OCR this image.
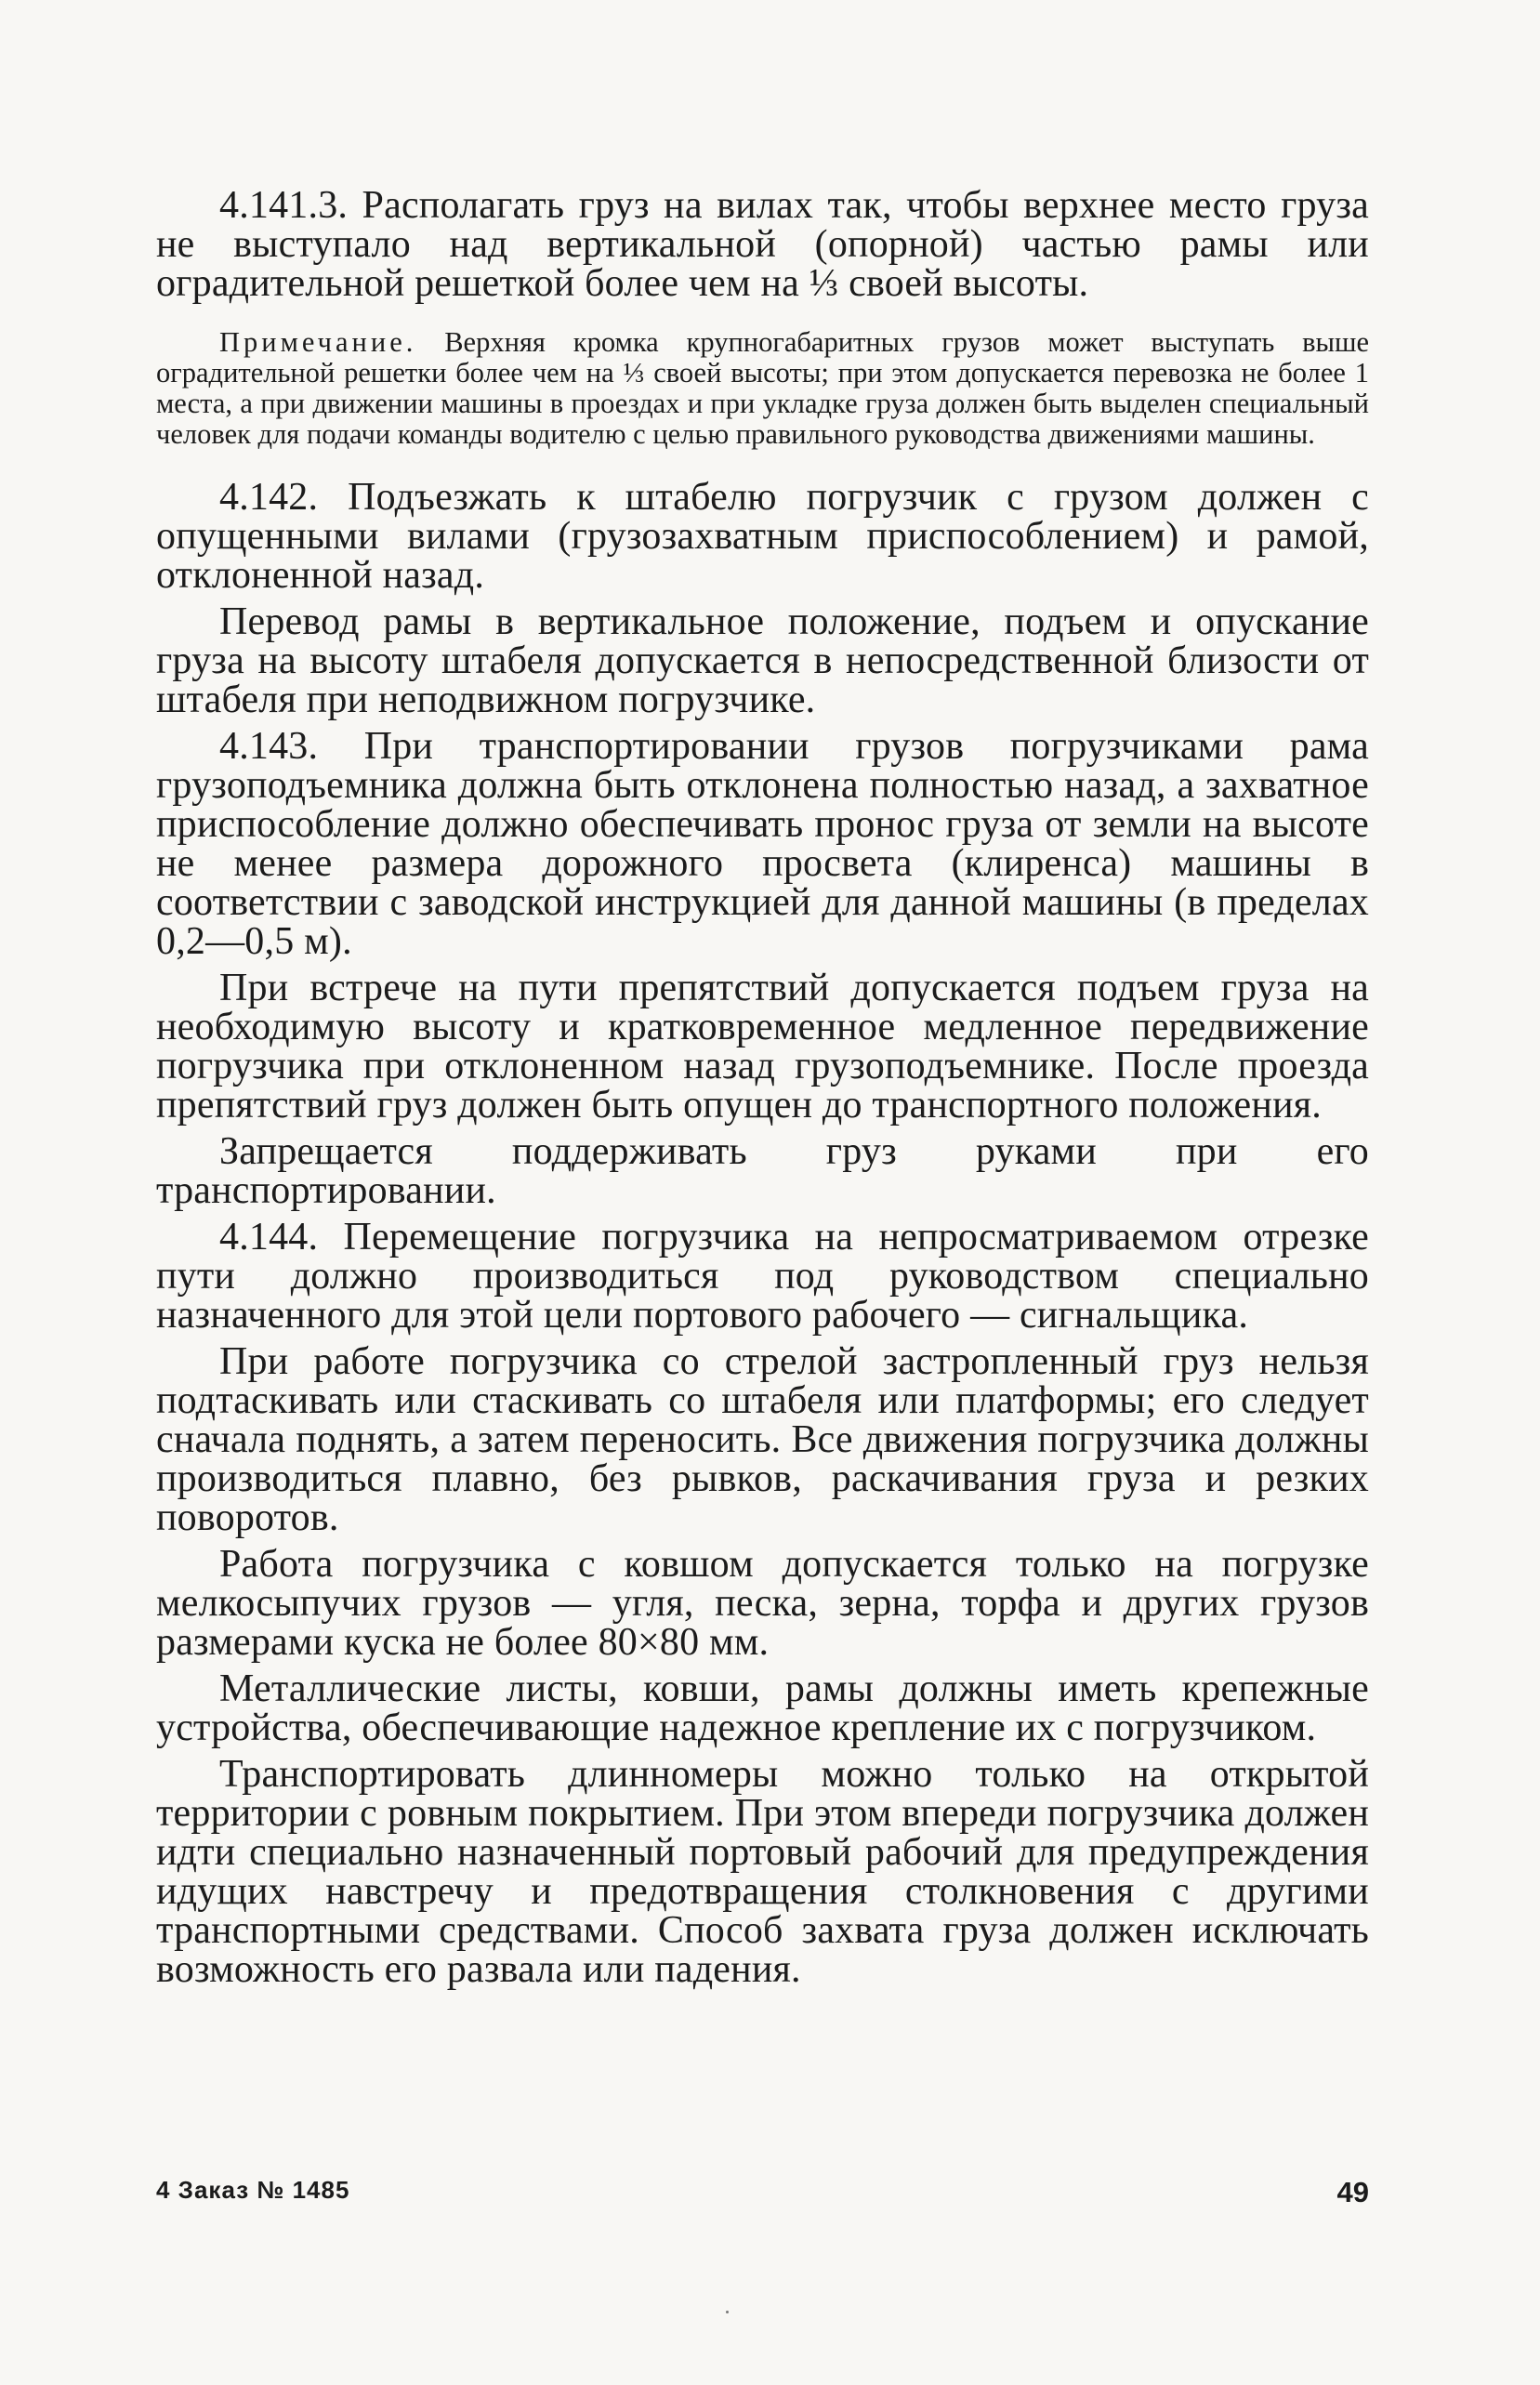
4.141.3. Располагать груз на вилах так, чтобы верхнее место груза не выступало над вертикальной (опорной) частью рамы или оградительной решеткой более чем на ⅓ своей высоты.

Примечание. Верхняя кромка крупногабаритных грузов может выступать выше оградительной решетки более чем на ⅓ своей высоты; при этом допускается перевозка не более 1 места, а при движении машины в проездах и при укладке груза должен быть выделен специальный человек для подачи команды водителю с целью правильного руководства движениями машины.

4.142. Подъезжать к штабелю погрузчик с грузом должен с опущенными вилами (грузозахватным приспособлением) и рамой, отклоненной назад.

Перевод рамы в вертикальное положение, подъем и опускание груза на высоту штабеля допускается в непосредственной близости от штабеля при неподвижном погрузчике.

4.143. При транспортировании грузов погрузчиками рама грузоподъемника должна быть отклонена полностью назад, а захватное приспособление должно обеспечивать пронос груза от земли на высоте не менее размера дорожного просвета (клиренса) машины в соответствии с заводской инструкцией для данной машины (в пределах 0,2—0,5 м).

При встрече на пути препятствий допускается подъем груза на необходимую высоту и кратковременное медленное передвижение погрузчика при отклоненном назад грузоподъемнике. После проезда препятствий груз должен быть опущен до транспортного положения.

Запрещается поддерживать груз руками при его транспортировании.

4.144. Перемещение погрузчика на непросматриваемом отрезке пути должно производиться под руководством специально назначенного для этой цели портового рабочего — сигнальщика.

При работе погрузчика со стрелой застропленный груз нельзя подтаскивать или стаскивать со штабеля или платформы; его следует сначала поднять, а затем переносить. Все движения погрузчика должны производиться плавно, без рывков, раскачивания груза и резких поворотов.

Работа погрузчика с ковшом допускается только на погрузке мелкосыпучих грузов — угля, песка, зерна, торфа и других грузов размерами куска не более 80×80 мм.

Металлические листы, ковши, рамы должны иметь крепежные устройства, обеспечивающие надежное крепление их с погрузчиком.

Транспортировать длинномеры можно только на открытой территории с ровным покрытием. При этом впереди погрузчика должен идти специально назначенный портовый рабочий для предупреждения идущих навстречу и предотвращения столкновения с другими транспортными средствами. Способ захвата груза должен исключать возможность его развала или падения.

4 Заказ № 1485	49
